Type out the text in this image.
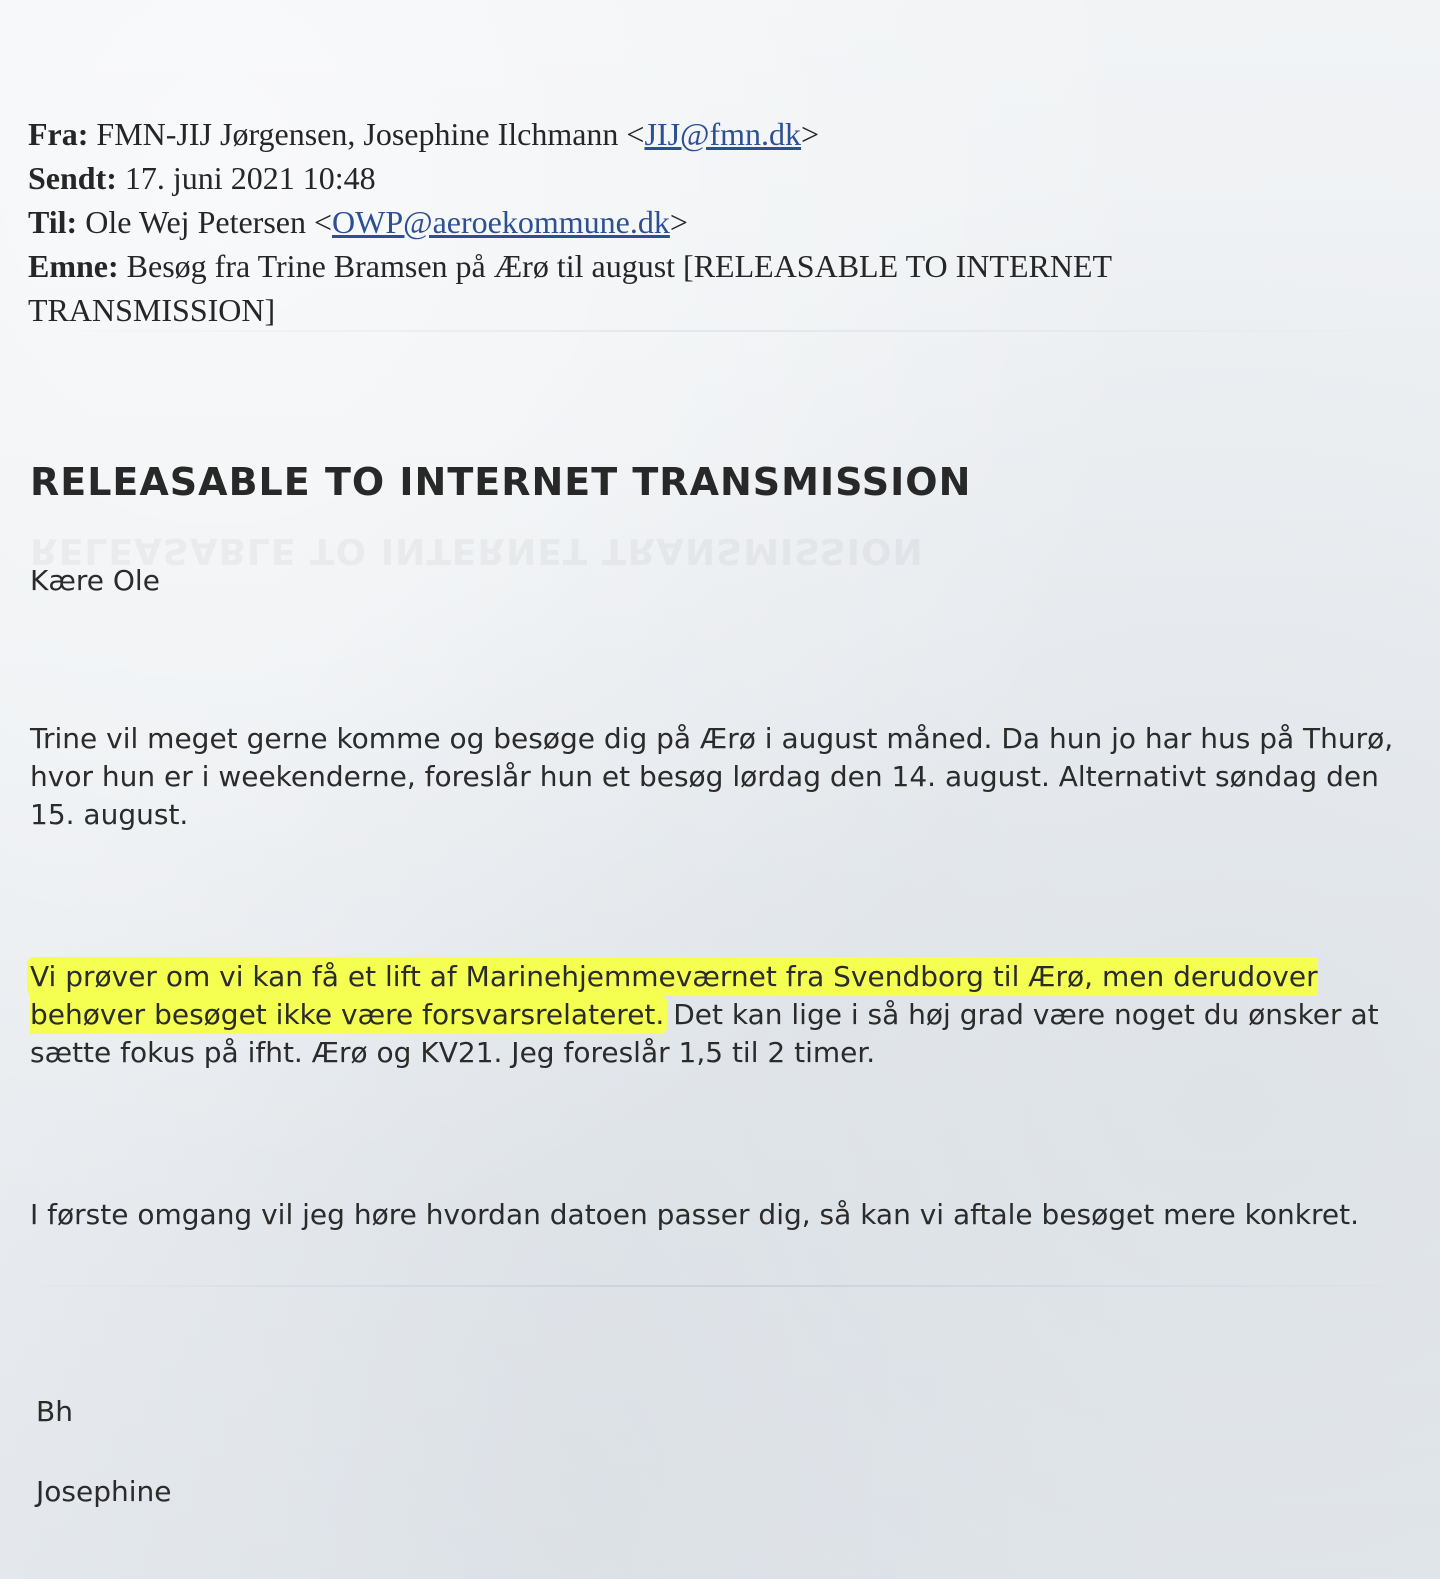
Fra: FMN-JIJ Jørgensen, Josephine Ilchmann <JIJ@fmn.dk>
Sendt: 17. juni 2021 10:48
Til: Ole Wej Petersen <OWP@aeroekommune.dk>
Emne: Besøg fra Trine Bramsen på Ærø til august [RELEASABLE TO INTERNET
TRANSMISSION]
RELEASABLE TO INTERNET TRANSMISSION

Kære Ole

Trine vil meget gerne komme og besøge dig på Ærø i august måned. Da hun jo har hus på Thurø, hvor hun er i weekenderne, foreslår hun et besøg lørdag den 14. august. Alternativt søndag den 15. august.

Vi prøver om vi kan få et lift af Marinehjemmeværnet fra Svendborg til Ærø, men derudover behøver besøget ikke være forsvarsrelateret. Det kan lige i så høj grad være noget du ønsker at sætte fokus på ifht. Ærø og KV21. Jeg foreslår 1,5 til 2 timer.

I første omgang vil jeg høre hvordan datoen passer dig, så kan vi aftale besøget mere konkret.

Bh

Josephine
